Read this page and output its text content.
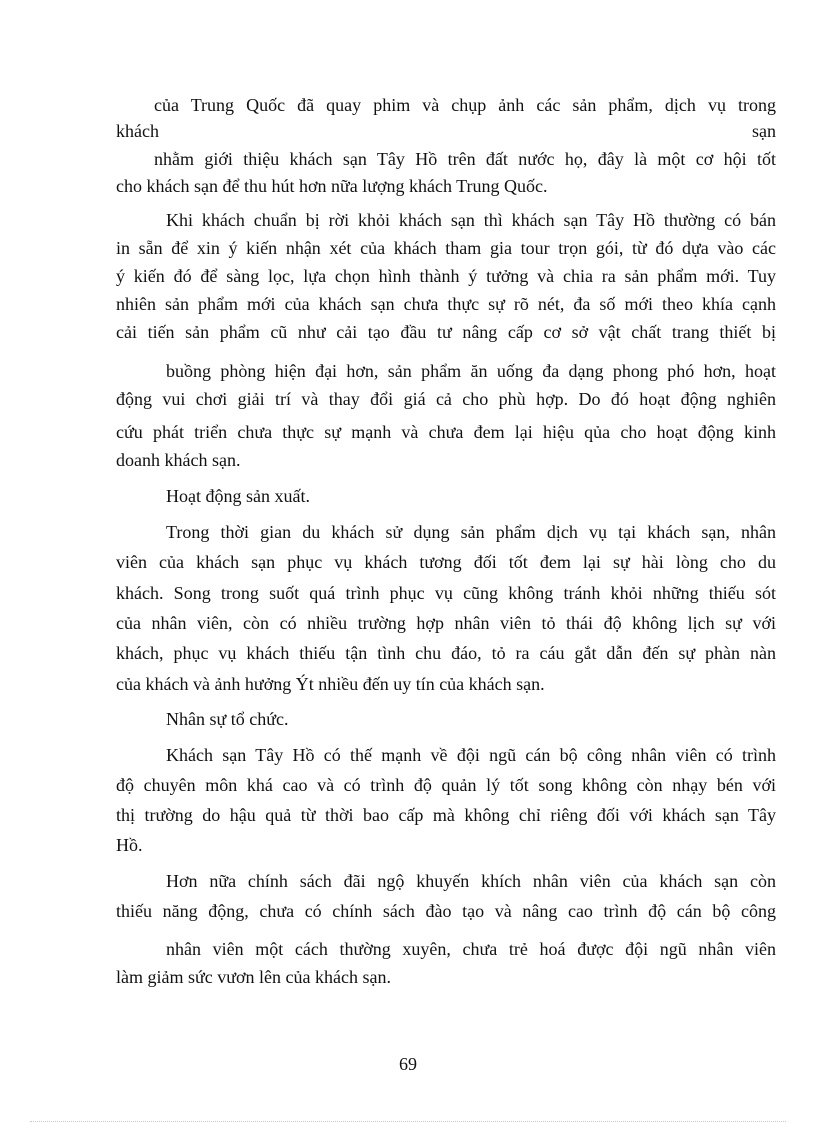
của Trung Quốc đã quay phim và chụp ảnh các sản phẩm, dịch vụ trong
khách sạn
nhằm giới thiệu khách sạn Tây Hồ trên đất nước họ, đây là một cơ hội tốt
cho khách sạn để thu hút hơn nữa lượng khách Trung Quốc.
Khi khách chuẩn bị rời khỏi khách sạn thì khách sạn Tây Hồ thường có bán
in sẵn để xin ý kiến nhận xét của khách tham gia tour trọn gói, từ đó dựa vào các
ý kiến đó để sàng lọc, lựa chọn hình thành ý tưởng và chia ra sản phẩm mới. Tuy
nhiên sản phẩm mới của khách sạn chưa thực sự rõ nét, đa số mới theo khía cạnh
cải tiến sản phẩm cũ như cải tạo đầu tư nâng cấp cơ sở vật chất trang thiết bị
buồng phòng hiện đại hơn, sản phẩm ăn uống đa dạng phong phó hơn, hoạt
động vui chơi giải trí và thay đổi giá cả cho phù hợp. Do đó hoạt động nghiên
cứu phát triển chưa thực sự mạnh và chưa đem lại hiệu qủa cho hoạt động kinh
doanh khách sạn.
Hoạt động sản xuất.
Trong thời gian du khách sử dụng sản phẩm dịch vụ tại khách sạn, nhân
viên của khách sạn phục vụ khách tương đối tốt đem lại sự hài lòng cho du
khách. Song trong suốt quá trình phục vụ cũng không tránh khỏi những thiếu sót
của nhân viên, còn có nhiều trường hợp nhân viên tỏ thái độ không lịch sự với
khách, phục vụ khách thiếu tận tình chu đáo, tỏ ra cáu gắt dẫn đến sự phàn nàn
của khách và ảnh hưởng Ýt nhiều đến uy tín của khách sạn.
Nhân sự tổ chức.
Khách sạn Tây Hồ có thế mạnh về đội ngũ cán bộ công nhân viên có trình
độ chuyên môn khá cao và có trình độ quản lý tốt song không còn nhạy bén với
thị trường do hậu quả từ thời bao cấp mà không chỉ riêng đối với khách sạn Tây
Hồ.
Hơn nữa chính sách đãi ngộ khuyến khích nhân viên của khách sạn còn
thiếu năng động, chưa có chính sách đào tạo và nâng cao trình độ cán bộ công
nhân viên một cách thường xuyên, chưa trẻ hoá được đội ngũ nhân viên
làm giảm sức vươn lên của khách sạn.
69
